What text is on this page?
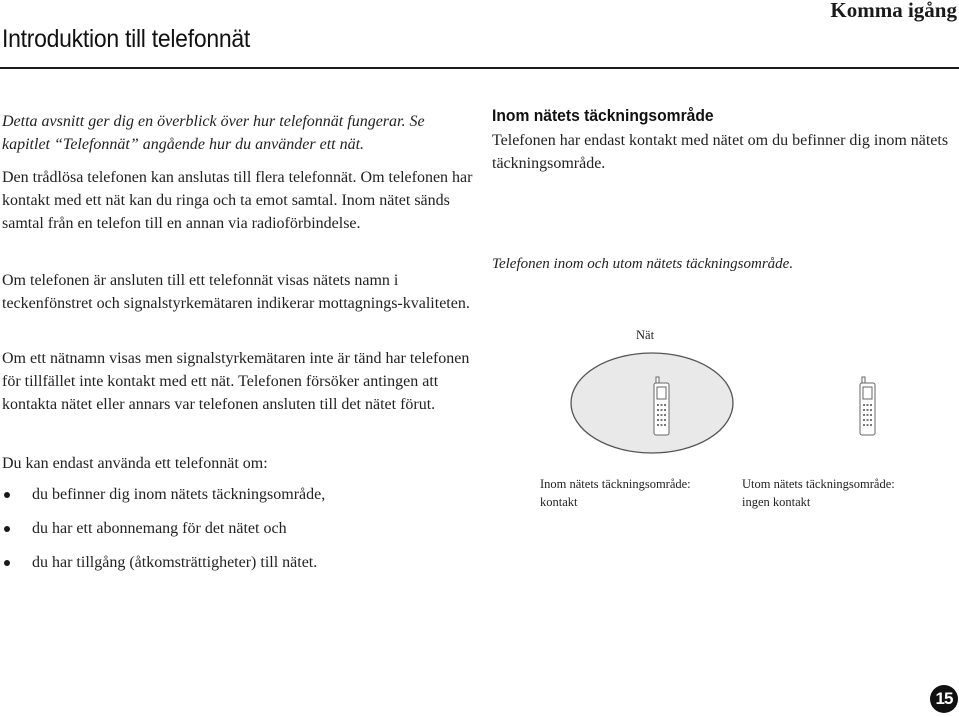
Komma igång
Introduktion till telefonnät
Detta avsnitt ger dig en överblick över hur telefonnät fungerar. Se kapitlet “Telefonnät” angående hur du använder ett nät.
Den trådlösa telefonen kan anslutas till flera telefonnät. Om telefonen har kontakt med ett nät kan du ringa och ta emot samtal. Inom nätet sänds samtal från en telefon till en annan via radioförbindelse.
Om telefonen är ansluten till ett telefonnät visas nätets namn i teckenfönstret och signalstyrkemätaren indikerar mottagnings-kvaliteten.
Om ett nätnamn visas men signalstyrkemätaren inte är tänd har telefonen för tillfället inte kontakt med ett nät. Telefonen försöker antingen att kontakta nätet eller annars var telefonen ansluten till det nätet förut.
Du kan endast använda ett telefonnät om:
du befinner dig inom nätets täckningsområde,
du har ett abonnemang för det nätet och
du har tillgång (åtkomsträttigheter) till nätet.
Inom nätets täckningsområde
Telefonen har endast kontakt med nätet om du befinner dig inom nätets täckningsområde.
Telefonen inom och utom nätets täckningsområde.
Nät
Inom nätets täckningsområde:
kontakt
Utom nätets täckningsområde:
ingen kontakt
15
